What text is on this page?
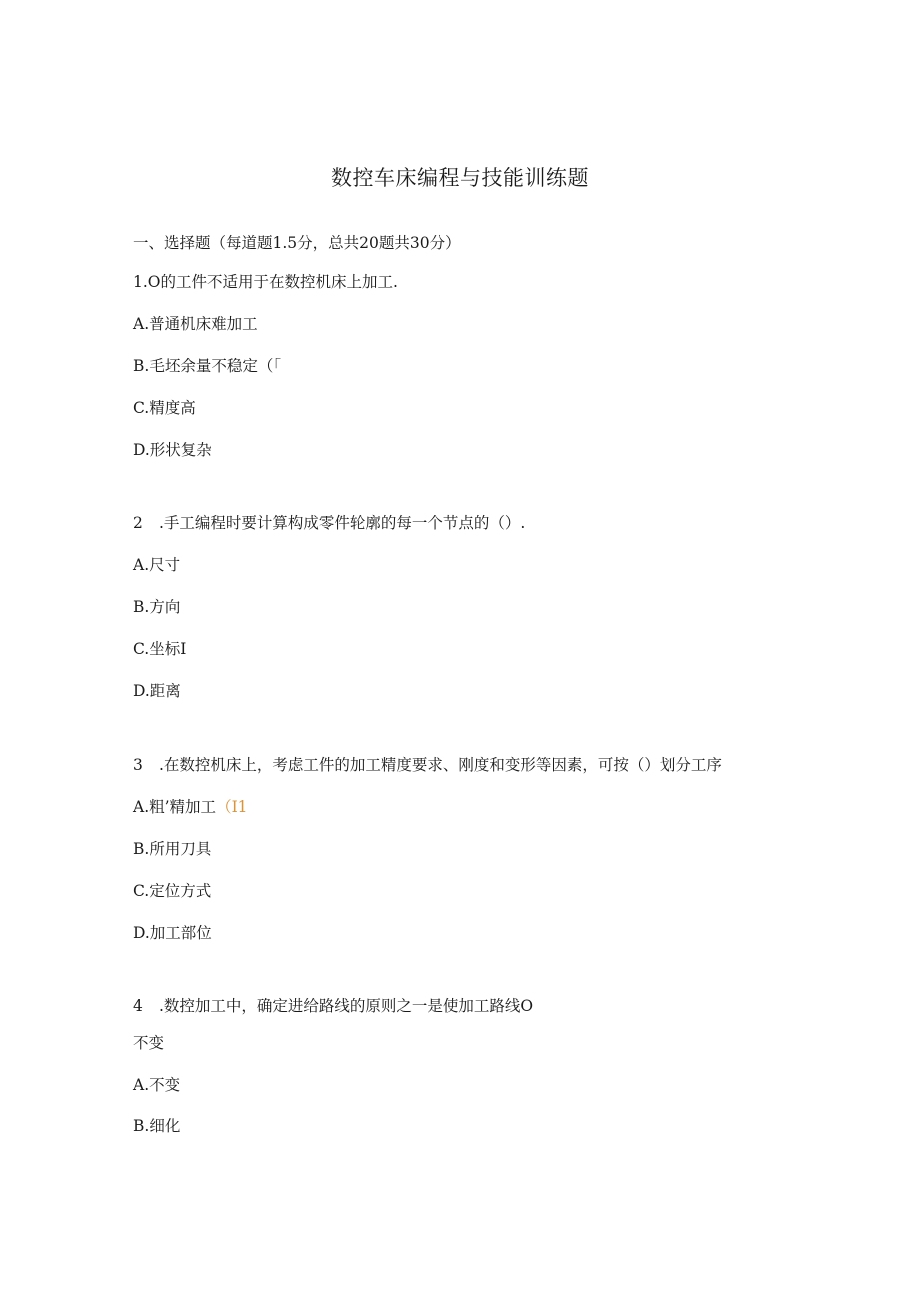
数控车床编程与技能训练题
一、选择题（每道题1.5分，总共20题共30分）
1.O的工件不适用于在数控机床上加工.
A.普通机床难加工
B.毛坯余量不稳定（「
C.精度高
D.形状复杂
2 .手工编程时要计算构成零件轮廓的每一个节点的（）.
A.尺寸
B.方向
C.坐标I
D.距离
3 .在数控机床上，考虑工件的加工精度要求、刚度和变形等因素，可按（）划分工序
A.粗’精加工（I1
B.所用刀具
C.定位方式
D.加工部位
4 .数控加工中，确定进给路线的原则之一是使加工路线O
不变
A.不变
B.细化
